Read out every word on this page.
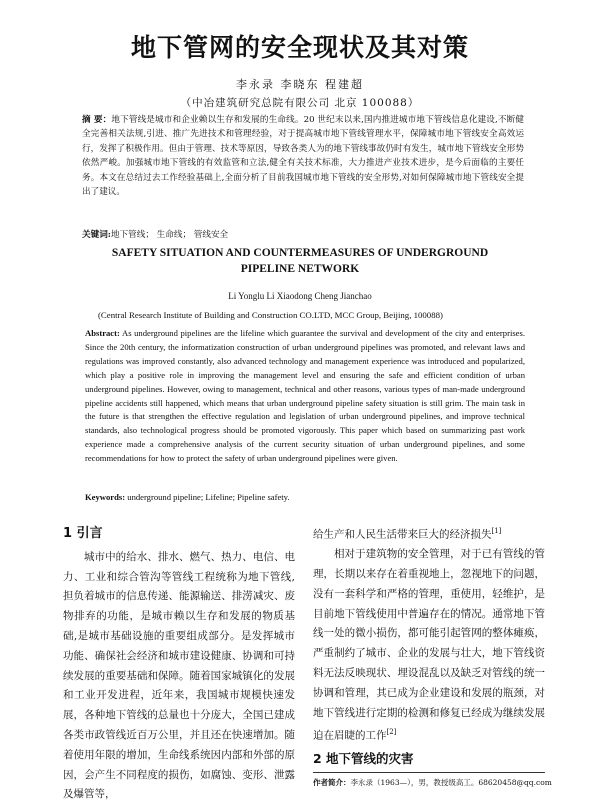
地下管网的安全现状及其对策
李永录 李晓东 程建超
（中冶建筑研究总院有限公司 北京 100088）
摘 要：地下管线是城市和企业赖以生存和发展的生命线。20 世纪末以来,国内推进城市地下管线信息化建设,不断健全完善相关法规,引进、推广先进技术和管理经验，对于提高城市地下管线管理水平，保障城市地下管线安全高效运行，发挥了积极作用。但由于管理、技术等原因，导致各类人为的地下管线事故仍时有发生，城市地下管线安全形势依然严峻。加强城市地下管线的有效监管和立法,健全有关技术标准，大力推进产业技术进步，是今后面临的主要任务。本文在总结过去工作经验基础上,全面分析了目前我国城市地下管线的安全形势,对如何保障城市地下管线安全提出了建议。
关键词:地下管线； 生命线； 管线安全
SAFETY SITUATION AND COUNTERMEASURES OF UNDERGROUND PIPELINE NETWORK
Li Yonglu Li Xiaodong Cheng Jianchao
(Central Research Institute of Building and Construction CO.LTD, MCC Group, Beijing, 100088)
Abstract: As underground pipelines are the lifeline which guarantee the survival and development of the city and enterprises. Since the 20th century, the informatization construction of urban underground pipelines was promoted, and relevant laws and regulations was improved constantly, also advanced technology and management experience was introduced and popularized, which play a positive role in improving the management level and ensuring the safe and efficient condition of urban underground pipelines. However, owing to management, technical and other reasons, various types of man-made underground pipeline accidents still happened, which means that urban underground pipeline safety situation is still grim. The main task in the future is that strengthen the effective regulation and legislation of urban underground pipelines, and improve technical standards, also technological progress should be promoted vigorously. This paper which based on summarizing past work experience made a comprehensive analysis of the current security situation of urban underground pipelines, and some recommendations for how to protect the safety of urban underground pipelines were given.
Keywords: underground pipeline; Lifeline; Pipeline safety.
1 引言

城市中的给水、排水、燃气、热力、电信、电力、工业和综合管沟等管线工程统称为地下管线,担负着城市的信息传递、能源输送、排涝减灾、废物排弃的功能，是城市赖以生存和发展的物质基础,是城市基础设施的重要组成部分。是发挥城市功能、确保社会经济和城市建设健康、协调和可持续发展的重要基础和保障。随着国家城镇化的发展和工业开发进程，近年来，我国城市规模快速发展，各种地下管线的总量也十分庞大，全国已建成各类市政管线近百万公里，并且还在快速增加。随着使用年限的增加，生命线系统因内部和外部的原因，会产生不同程度的损伤，如腐蚀、变形、泄露及爆管等，

给生产和人民生活带来巨大的经济损失[1]

相对于建筑物的安全管理，对于已有管线的管理，长期以来存在着重视地上，忽视地下的问题，没有一套科学和严格的管理，重使用，轻维护，是目前地下管线使用中普遍存在的情况。通常地下管线一处的微小损伤，都可能引起管网的整体瘫痪，严重制约了城市、企业的发展与壮大，地下管线资料无法反映现状、埋设混乱以及缺乏对管线的统一协调和管理，其已成为企业建设和发展的瓶颈，对地下管线进行定期的检测和修复已经成为继续发展迫在眉睫的工作[2]

2 地下管线的灾害
作者简介：李永录（1963—），男，教授级高工。68620458@qq.com
